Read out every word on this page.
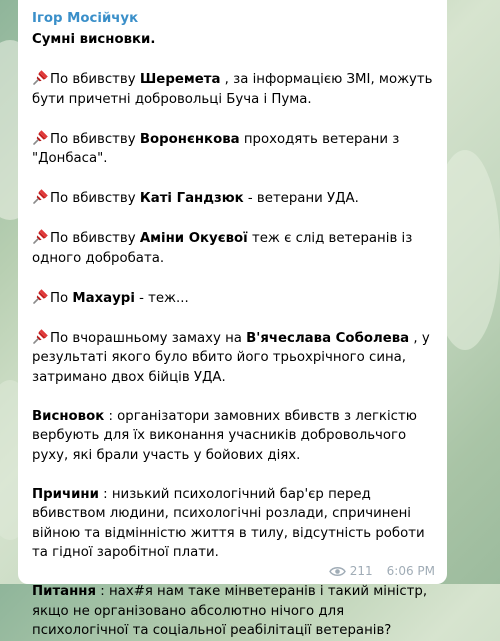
Ігор Мосійчук

Сумні висновки.

По вбивству Шеремета , за інформацією ЗМІ, можуть бути причетні добровольці Буча і Пума.

По вбивству Воронєнкова проходять ветерани з "Донбаса".

По вбивству Каті Гандзюк - ветерани УДА.

По вбивству Аміни Окуєвої теж є слід ветеранів із одного добробата.

По Махаурі - теж...

По вчорашньому замаху на В'ячеслава Соболева , у результаті якого було вбито його трьохрічного сина, затримано двох бійців УДА.

Висновок : організатори замовних вбивств з легкістю вербують для їх виконання учасників добровольчого руху, які брали участь у бойових діях.

Причини : низький психологічний бар'єр перед вбивством людини, психологічні розлади, спричинені війною та відмінністю життя в тилу, відсутність роботи та гідної заробітної плати.

Питання : нах#я нам таке мінветеранів і такий міністр, якщо не організовано абсолютно нічого для психологічної та соціальної реабілітації ветеранів?

211 6:06 PM
